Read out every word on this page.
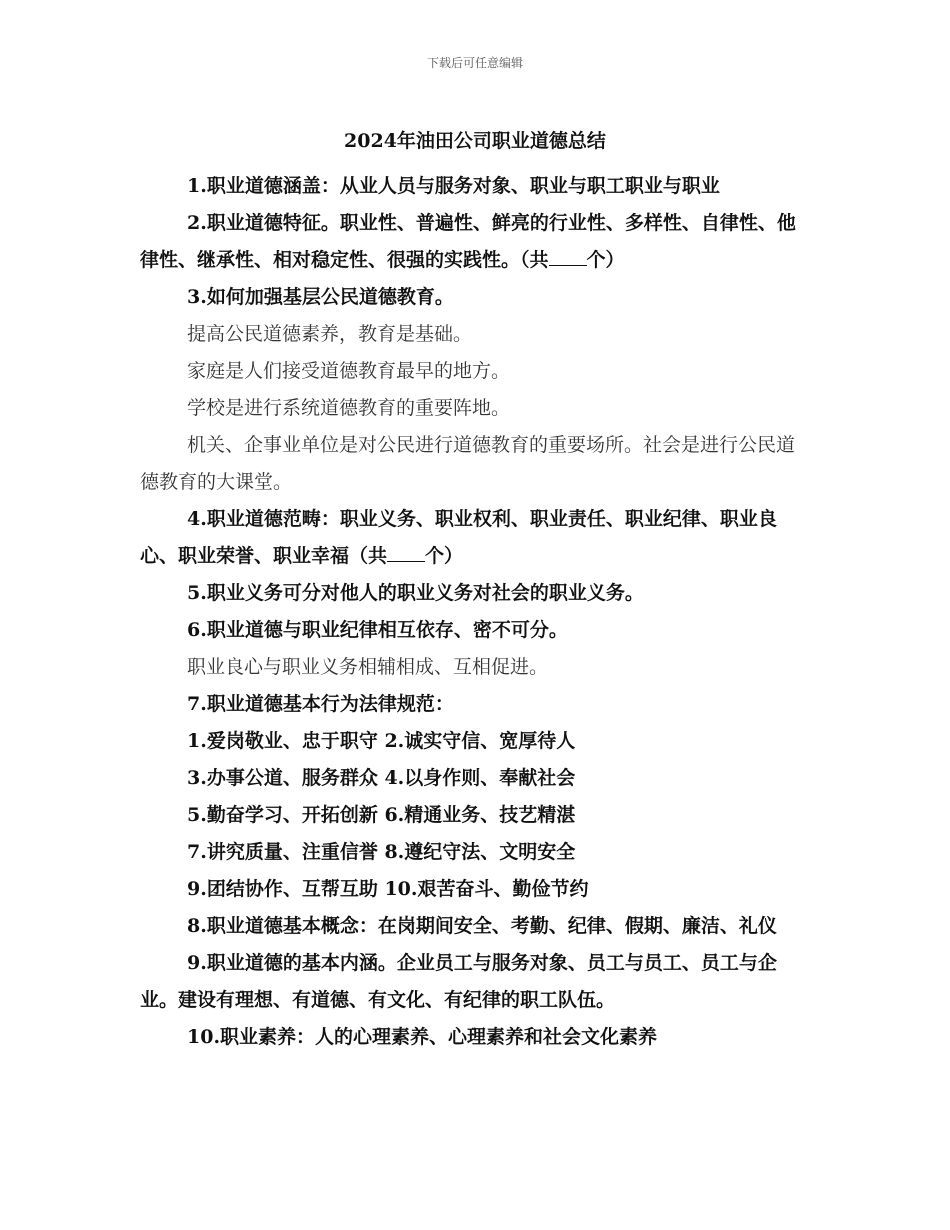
下载后可任意编辑
2024年油田公司职业道德总结

1.职业道德涵盖：从业人员与服务对象、职业与职工职业与职业

2.职业道德特征。职业性、普遍性、鲜亮的行业性、多样性、自律性、他律性、继承性、相对稳定性、很强的实践性。（共 个）

3.如何加强基层公民道德教育。

提高公民道德素养，教育是基础。

家庭是人们接受道德教育最早的地方。

学校是进行系统道德教育的重要阵地。

机关、企事业单位是对公民进行道德教育的重要场所。社会是进行公民道德教育的大课堂。

4.职业道德范畴：职业义务、职业权利、职业责任、职业纪律、职业良心、职业荣誉、职业幸福（共 个）

5.职业义务可分对他人的职业义务对社会的职业义务。

6.职业道德与职业纪律相互依存、密不可分。

职业良心与职业义务相辅相成、互相促进。

7.职业道德基本行为法律规范：

1.爱岗敬业、忠于职守 2.诚实守信、宽厚待人

3.办事公道、服务群众 4.以身作则、奉献社会

5.勤奋学习、开拓创新 6.精通业务、技艺精湛

7.讲究质量、注重信誉 8.遵纪守法、文明安全

9.团结协作、互帮互助 10.艰苦奋斗、勤俭节约

8.职业道德基本概念：在岗期间安全、考勤、纪律、假期、廉洁、礼仪

9.职业道德的基本内涵。企业员工与服务对象、员工与员工、员工与企业。建设有理想、有道德、有文化、有纪律的职工队伍。

10.职业素养：人的心理素养、心理素养和社会文化素养
